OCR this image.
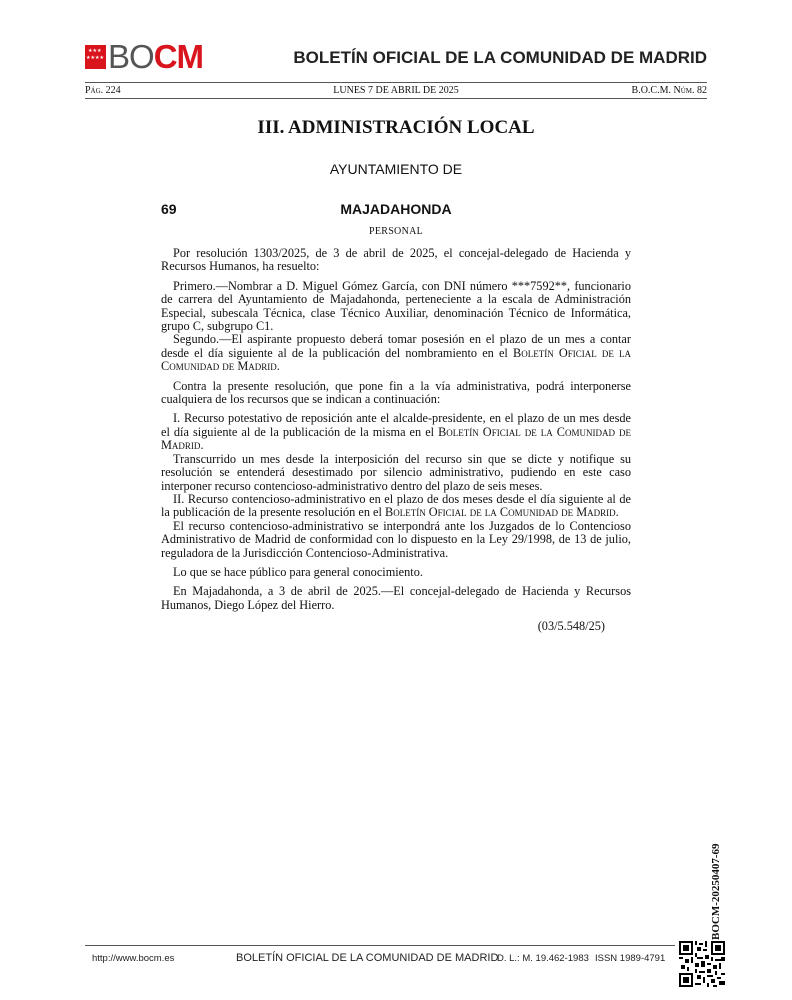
★★★
★★★★ BO CM	BOLETÍN OFICIAL DE LA COMUNIDAD DE MADRID
Pág. 224	LUNES 7 DE ABRIL DE 2025	B.O.C.M. Núm. 82
III. ADMINISTRACIÓN LOCAL
AYUNTAMIENTO DE
69	MAJADAHONDA
PERSONAL

Por resolución 1303/2025, de 3 de abril de 2025, el concejal-delegado de Hacienda y Recursos Humanos, ha resuelto:

Primero.—Nombrar a D. Miguel Gómez García, con DNI número ***7592**, funcionario de carrera del Ayuntamiento de Majadahonda, perteneciente a la escala de Administración Especial, subescala Técnica, clase Técnico Auxiliar, denominación Técnico de Informática, grupo C, subgrupo C1.

Segundo.—El aspirante propuesto deberá tomar posesión en el plazo de un mes a contar desde el día siguiente al de la publicación del nombramiento en el Boletín Oficial de la Comunidad de Madrid.

Contra la presente resolución, que pone fin a la vía administrativa, podrá interponerse cualquiera de los recursos que se indican a continuación:

I. Recurso potestativo de reposición ante el alcalde-presidente, en el plazo de un mes desde el día siguiente al de la publicación de la misma en el Boletín Oficial de la Comunidad de Madrid.

Transcurrido un mes desde la interposición del recurso sin que se dicte y notifique su resolución se entenderá desestimado por silencio administrativo, pudiendo en este caso interponer recurso contencioso-administrativo dentro del plazo de seis meses.

II. Recurso contencioso-administrativo en el plazo de dos meses desde el día siguiente al de la publicación de la presente resolución en el Boletín Oficial de la Comunidad de Madrid.

El recurso contencioso-administrativo se interpondrá ante los Juzgados de lo Contencioso Administrativo de Madrid de conformidad con lo dispuesto en la Ley 29/1998, de 13 de julio, reguladora de la Jurisdicción Contencioso-Administrativa.

Lo que se hace público para general conocimiento.

En Majadahonda, a 3 de abril de 2025.—El concejal-delegado de Hacienda y Recursos Humanos, Diego López del Hierro.

(03/5.548/25)

BOCM-20250407-69
http://www.bocm.es	BOLETÍN OFICIAL DE LA COMUNIDAD DE MADRID
D. L.: M. 19.462-1983 ISSN 1989-4791
